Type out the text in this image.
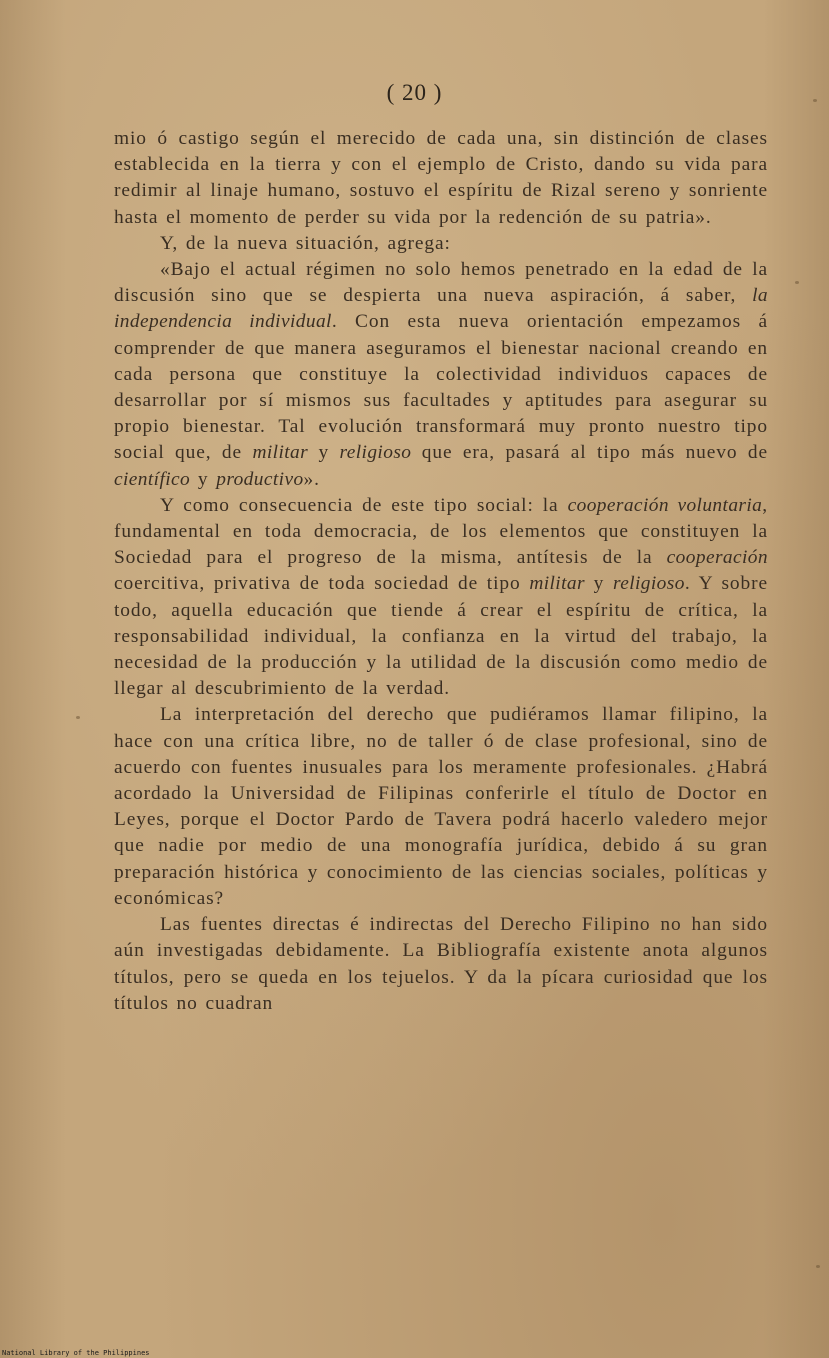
( 20 )

mio ó castigo según el merecido de cada una, sin distinción de clases establecida en la tierra y con el ejemplo de Cristo, dando su vida para redimir al linaje humano, sostuvo el espíritu de Rizal sereno y sonriente hasta el momento de perder su vida por la redención de su patria».

Y, de la nueva situación, agrega:

«Bajo el actual régimen no solo hemos penetrado en la edad de la discusión sino que se despierta una nueva aspiración, á saber, la independencia individual. Con esta nueva orientación empezamos á comprender de que manera aseguramos el bienestar nacional creando en cada persona que constituye la colectividad individuos capaces de desarrollar por sí mismos sus facultades y aptitudes para asegurar su propio bienestar. Tal evolución transformará muy pronto nuestro tipo social que, de militar y religioso que era, pasará al tipo más nuevo de científico y productivo».

Y como consecuencia de este tipo social: la cooperación voluntaria, fundamental en toda democracia, de los elementos que constituyen la Sociedad para el progreso de la misma, antítesis de la cooperación coercitiva, privativa de toda sociedad de tipo militar y religioso. Y sobre todo, aquella educación que tiende á crear el espíritu de crítica, la responsabilidad individual, la confianza en la virtud del trabajo, la necesidad de la producción y la utilidad de la discusión como medio de llegar al descubrimiento de la verdad.

La interpretación del derecho que pudiéramos llamar filipino, la hace con una crítica libre, no de taller ó de clase profesional, sino de acuerdo con fuentes inusuales para los meramente profesionales. ¿Habrá acordado la Universidad de Filipinas conferirle el título de Doctor en Leyes, porque el Doctor Pardo de Tavera podrá hacerlo valedero mejor que nadie por medio de una monografía jurídica, debido á su gran preparación histórica y conocimiento de las ciencias sociales, políticas y económicas?

Las fuentes directas é indirectas del Derecho Filipino no han sido aún investigadas debidamente. La Bibliografía existente anota algunos títulos, pero se queda en los tejuelos. Y da la pícara curiosidad que los títulos no cuadran

National Library of the Philippines
